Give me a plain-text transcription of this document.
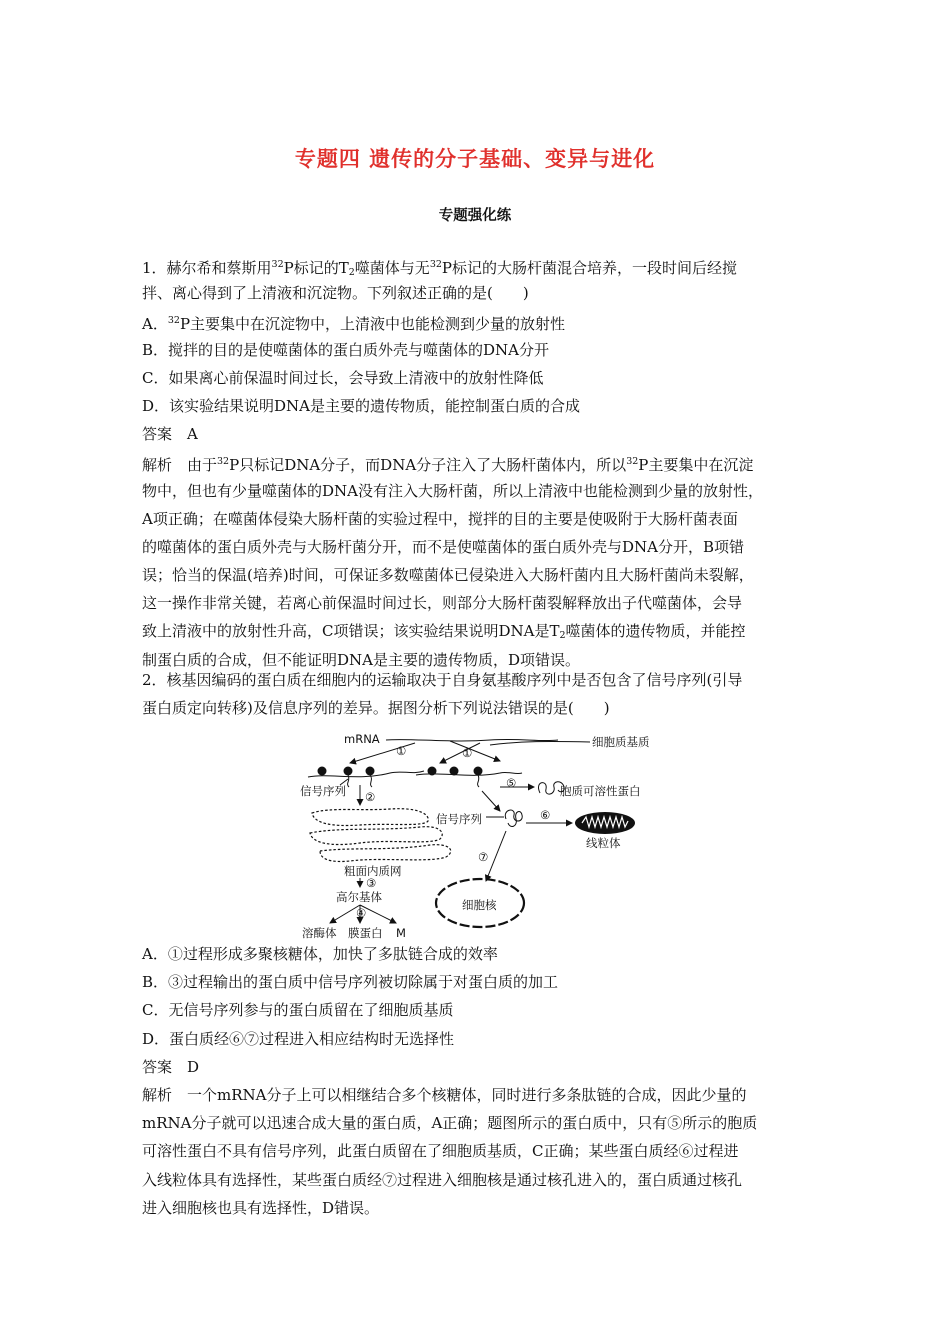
专题四 遗传的分子基础、变异与进化
专题强化练
1．赫尔希和蔡斯用$^{32}$P标记的$T_2$噬菌体与无$^{32}$P标记的大肠杆菌混合培养，一段时间后经搅
拌、离心得到了上清液和沉淀物。下列叙述正确的是(　　)
A．$^{32}$P主要集中在沉淀物中，上清液中也能检测到少量的放射性
B．搅拌的目的是使噬菌体的蛋白质外壳与噬菌体的DNA分开
C．如果离心前保温时间过长，会导致上清液中的放射性降低
D．该实验结果说明DNA是主要的遗传物质，能控制蛋白质的合成
答案　A
解析　由于$^{32}$P只标记DNA分子，而DNA分子注入了大肠杆菌体内，所以$^{32}$P主要集中在沉淀
物中，但也有少量噬菌体的DNA没有注入大肠杆菌，所以上清液中也能检测到少量的放射性，
A项正确；在噬菌体侵染大肠杆菌的实验过程中，搅拌的目的主要是使吸附于大肠杆菌表面
的噬菌体的蛋白质外壳与大肠杆菌分开，而不是使噬菌体的蛋白质外壳与DNA分开，B项错
误；恰当的保温(培养)时间，可保证多数噬菌体已侵染进入大肠杆菌内且大肠杆菌尚未裂解，
这一操作非常关键，若离心前保温时间过长，则部分大肠杆菌裂解释放出子代噬菌体，会导
致上清液中的放射性升高，C项错误；该实验结果说明DNA是$T_2$噬菌体的遗传物质，并能控
制蛋白质的合成，但不能证明DNA是主要的遗传物质，D项错误。
2．核基因编码的蛋白质在细胞内的运输取决于自身氨基酸序列中是否包含了信号序列(引导
蛋白质定向转移)及信息序列的差异。据图分析下列说法错误的是(　　)
mRNA	细胞质基质
①	①
⑤
胞质可溶性蛋白
信号序列 ②
粗面内质网
③
高尔基体
④
溶酶体 膜蛋白 M
信号序列	⑥
线粒体
⑦
细胞核
A．①过程形成多聚核糖体，加快了多肽链合成的效率
B．③过程输出的蛋白质中信号序列被切除属于对蛋白质的加工
C．无信号序列参与的蛋白质留在了细胞质基质
D．蛋白质经⑥⑦过程进入相应结构时无选择性
答案　D
解析　一个mRNA分子上可以相继结合多个核糖体，同时进行多条肽链的合成，因此少量的
mRNA分子就可以迅速合成大量的蛋白质，A正确；题图所示的蛋白质中，只有⑤所示的胞质
可溶性蛋白不具有信号序列，此蛋白质留在了细胞质基质，C正确；某些蛋白质经⑥过程进
入线粒体具有选择性，某些蛋白质经⑦过程进入细胞核是通过核孔进入的，蛋白质通过核孔
进入细胞核也具有选择性，D错误。
